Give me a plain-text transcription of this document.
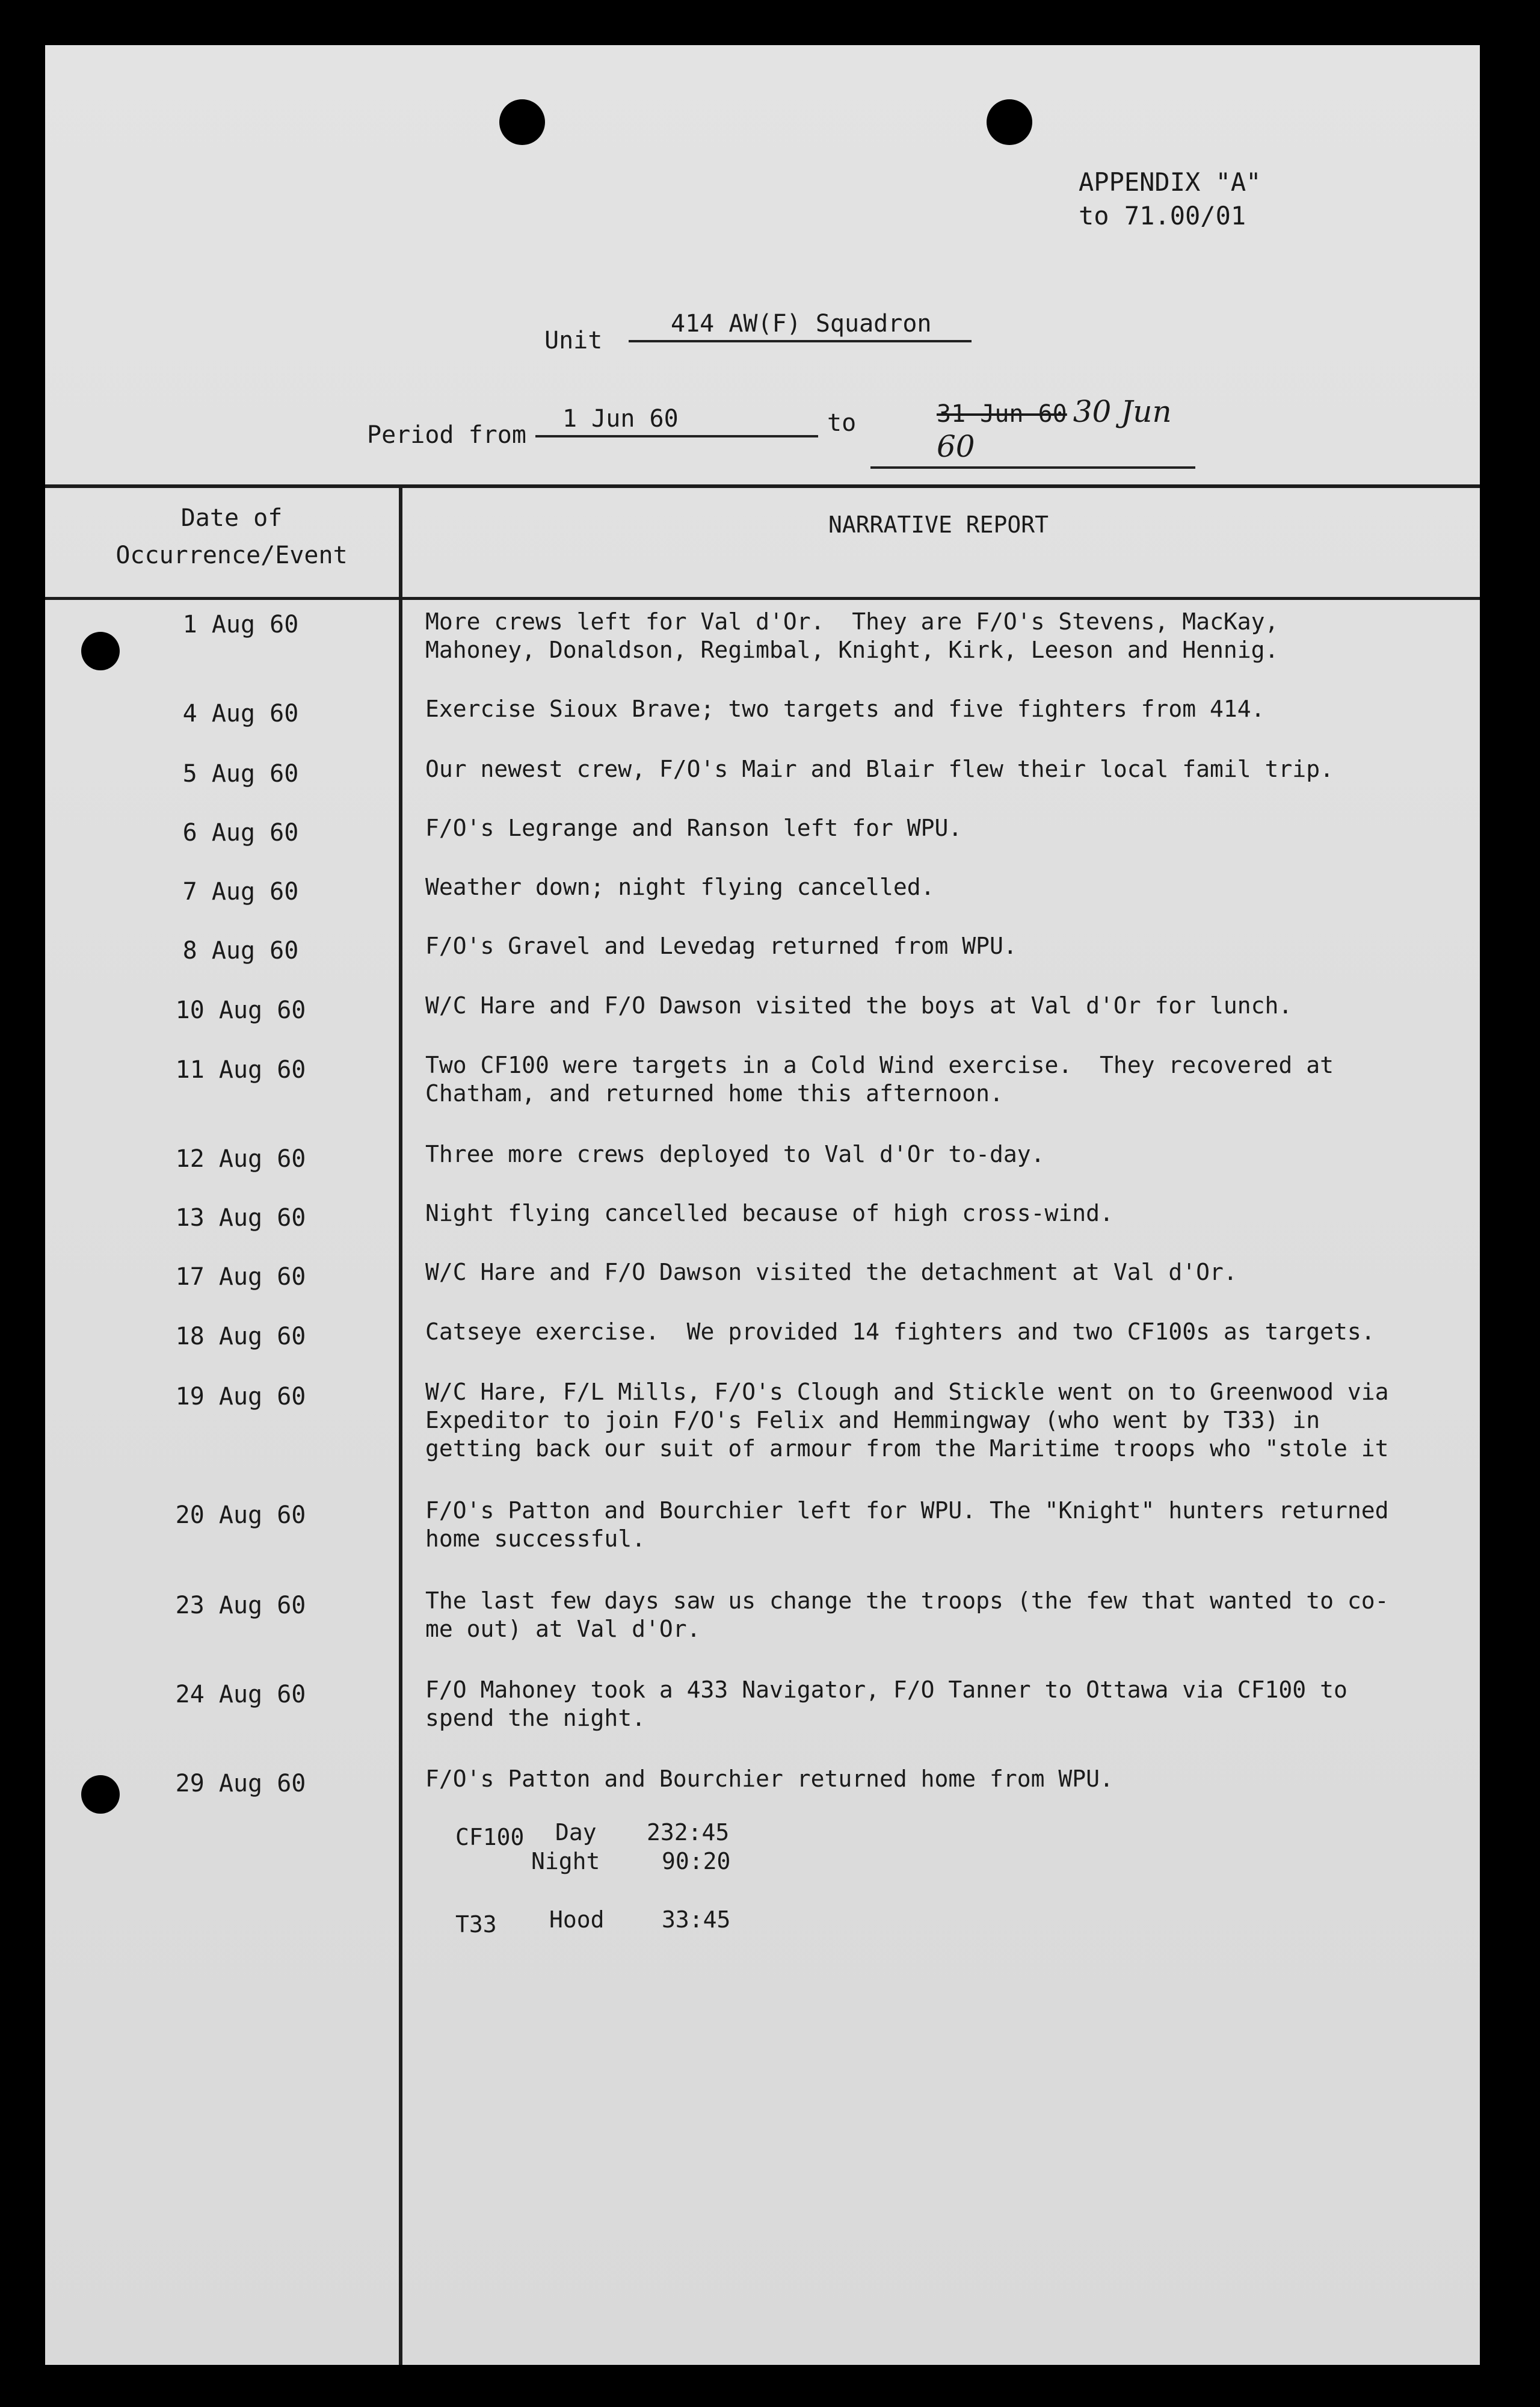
APPENDIX "A"
to 71.00/01
Unit
414 AW(F) Squadron
Period from
1 Jun 60	to	31 Jun 60 30 Jun 60
Date of
Occurrence/Event
NARRATIVE REPORT
1 Aug 60	More crews left for Val d'Or.  They are F/O's Stevens, MacKay,
Mahoney, Donaldson, Regimbal, Knight, Kirk, Leeson and Hennig.
4 Aug 60	Exercise Sioux Brave; two targets and five fighters from 414.
5 Aug 60	Our newest crew, F/O's Mair and Blair flew their local famil trip.
6 Aug 60	F/O's Legrange and Ranson left for WPU.
7 Aug 60	Weather down; night flying cancelled.
8 Aug 60	F/O's Gravel and Levedag returned from WPU.
10 Aug 60	W/C Hare and F/O Dawson visited the boys at Val d'Or for lunch.
11 Aug 60	Two CF100 were targets in a Cold Wind exercise.  They recovered at
Chatham, and returned home this afternoon.
12 Aug 60	Three more crews deployed to Val d'Or to-day.
13 Aug 60	Night flying cancelled because of high cross-wind.
17 Aug 60	W/C Hare and F/O Dawson visited the detachment at Val d'Or.
18 Aug 60	Catseye exercise.  We provided 14 fighters and two CF100s as targets.
19 Aug 60	W/C Hare, F/L Mills, F/O's Clough and Stickle went on to Greenwood via
Expeditor to join F/O's Felix and Hemmingway (who went by T33) in
getting back our suit of armour from the Maritime troops who "stole it
20 Aug 60	F/O's Patton and Bourchier left for WPU. The "Knight" hunters returned
home successful.
23 Aug 60	The last few days saw us change the troops (the few that wanted to co-
me out) at Val d'Or.
24 Aug 60	F/O Mahoney took a 433 Navigator, F/O Tanner to Ottawa via CF100 to
spend the night.
29 Aug 60	F/O's Patton and Bourchier returned home from WPU.
CF100 Day 232:45
Night	90:20
T33 Hood	33:45
